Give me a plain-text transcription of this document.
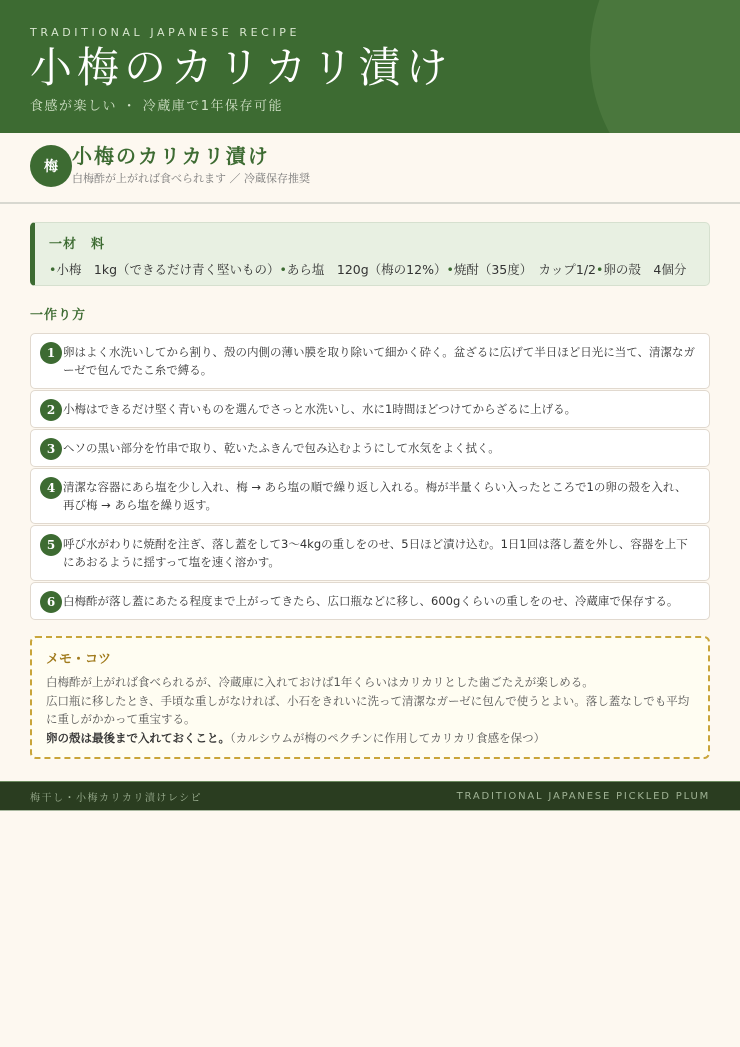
TRADITIONAL JAPANESE RECIPE
小梅のカリカリ漬け
食感が楽しい ・ 冷蔵庫で1年保存可能
梅 小梅のカリカリ漬け
白梅酢が上がれば食べられます ／ 冷蔵保存推奨
一材　料
•小梅　1kg（できるだけ青く堅いもの）•あら塩　120g（梅の12%）•焼酎（35度）　カップ1/2•卵の殻　4個分
一作り方
1 卵はよく水洗いしてから割り、殻の内側の薄い膜を取り除いて細かく砕く。盆ざるに広げて半日ほど日光に当て、清潔なガーゼで包んでたこ糸で縛る。
2 小梅はできるだけ堅く青いものを選んでさっと水洗いし、水に1時間ほどつけてからざるに上げる。
3 ヘソの黒い部分を竹串で取り、乾いたふきんで包み込むようにして水気をよく拭く。
4 清潔な容器にあら塩を少し入れ、梅 → あら塩の順で繰り返し入れる。梅が半量くらい入ったところで1の卵の殻を入れ、再び梅 → あら塩を繰り返す。
5 呼び水がわりに焼酎を注ぎ、落し蓋をして3〜4kgの重しをのせ、5日ほど漬け込む。1日1回は落し蓋を外し、容器を上下にあおるように揺すって塩を速く溶かす。
6 白梅酢が落し蓋にあたる程度まで上がってきたら、広口瓶などに移し、600gくらいの重しをのせ、冷蔵庫で保存する。
メモ・コツ

白梅酢が上がれば食べられるが、冷蔵庫に入れておけば1年くらいはカリカリとした歯ごたえが楽しめる。

広口瓶に移したとき、手頃な重しがなければ、小石をきれいに洗って清潔なガーゼに包んで使うとよい。落し蓋なしでも平均に重しがかかって重宝する。

卵の殻は最後まで入れておくこと。（カルシウムが梅のペクチンに作用してカリカリ食感を保つ）

梅干し・小梅カリカリ漬けレシピ	TRADITIONAL JAPANESE PICKLED PLUM
